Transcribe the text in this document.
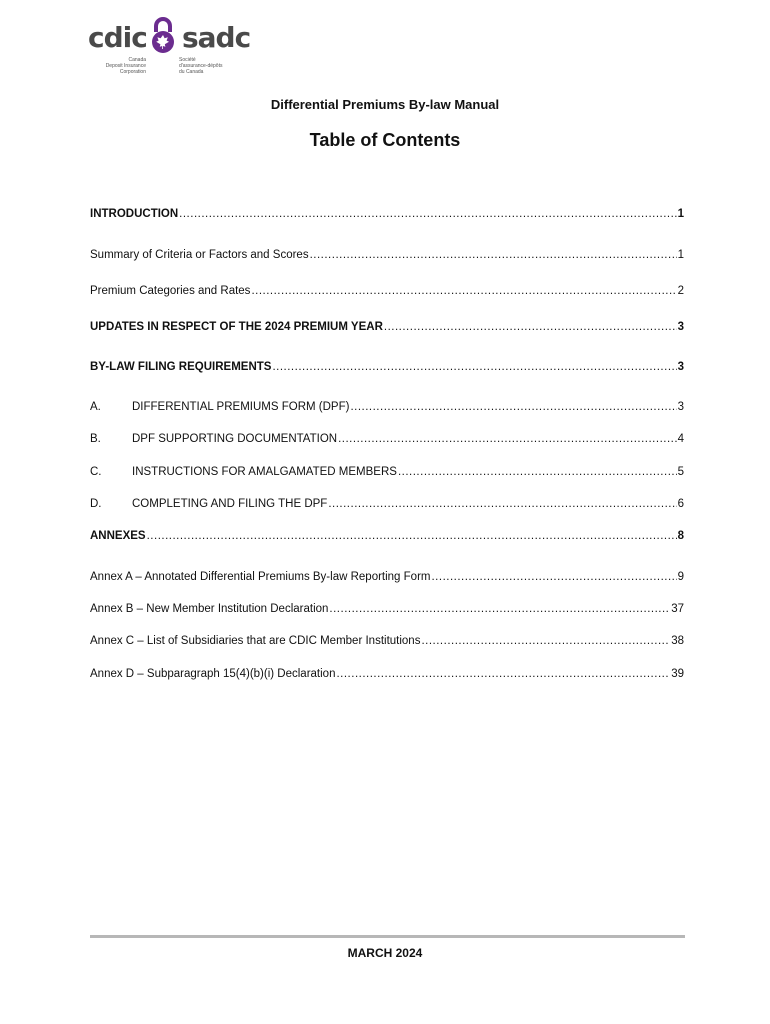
cdic sadc
Canada
Deposit Insurance
Corporation
Société
d'assurance-dépôts
du Canada
Differential Premiums By-law Manual
Table of Contents
INTRODUCTION .....	1
Summary of Criteria or Factors and Scores .....	1
Premium Categories and Rates .....	2
UPDATES IN RESPECT OF THE 2024 PREMIUM YEAR .....	3
BY-LAW FILING REQUIREMENTS .....	3
A.	DIFFERENTIAL PREMIUMS FORM (DPF) .....	3
B.	DPF SUPPORTING DOCUMENTATION .....	4
C.	INSTRUCTIONS FOR AMALGAMATED MEMBERS .....	5
D.	COMPLETING AND FILING THE DPF .....	6
ANNEXES .....	8
Annex A – Annotated Differential Premiums By-law Reporting Form .....	9
Annex B – New Member Institution Declaration .....	37
Annex C – List of Subsidiaries that are CDIC Member Institutions .....	38
Annex D – Subparagraph 15(4)(b)(i) Declaration .....	39
MARCH 2024
